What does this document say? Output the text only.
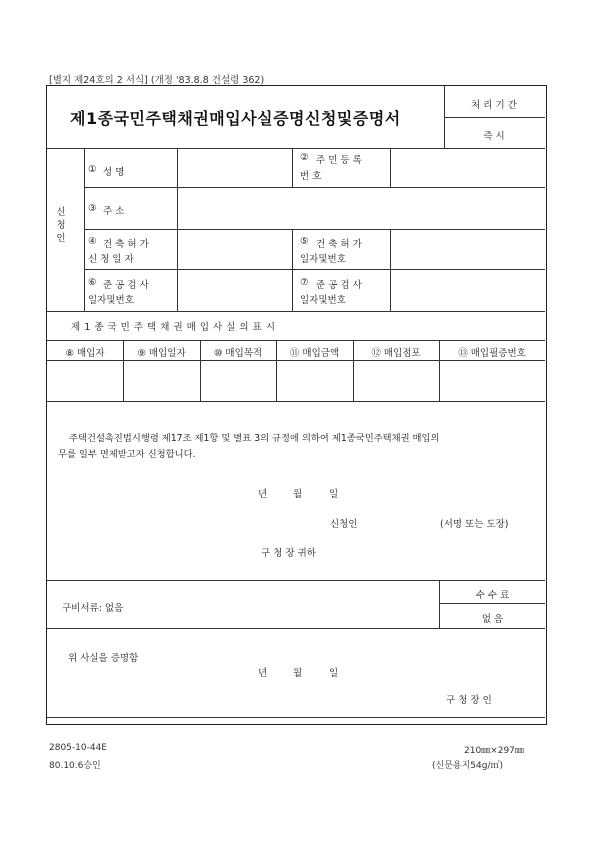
[별지 제24호의 2 서식] (개정 '83.8.8 건설령 362)
제1종국민주택채권매입사실증명신청및증명서
처 리 기 간
즉 시
신
청
인
① 성 명
② 주 민 등 록
번 호
③ 주 소
④ 건 축 허 가
신 청 일 자
⑤ 건 축 허 가
일자및번호
⑥ 준 공 검 사
일자및번호
⑦ 준 공 검 사
일자및번호
제 1 종 국 민 주 택 채 권 매 입 사 실 의 표 시
⑧ 매입자	⑨ 매입일자	⑩ 매입목적	⑪ 매입금액	⑫ 매입점포	⑬ 매입필증번호
주택건설촉진법시행령 제17조 제1항 및 별표 3의 규정에 의하여 제1종국민주택채권 매입의
무를 일부 면제받고자 신청합니다.
년	월	일
신청인	(서명 또는 도장)
구 청 장 귀하
구비서류: 없음
수 수 료
없 음
위 사실을 증명함
년	월	일
구 청 장 인
2805-10-44E
80.10.6승인
210㎜×297㎜
(신문용지54g/㎡)
